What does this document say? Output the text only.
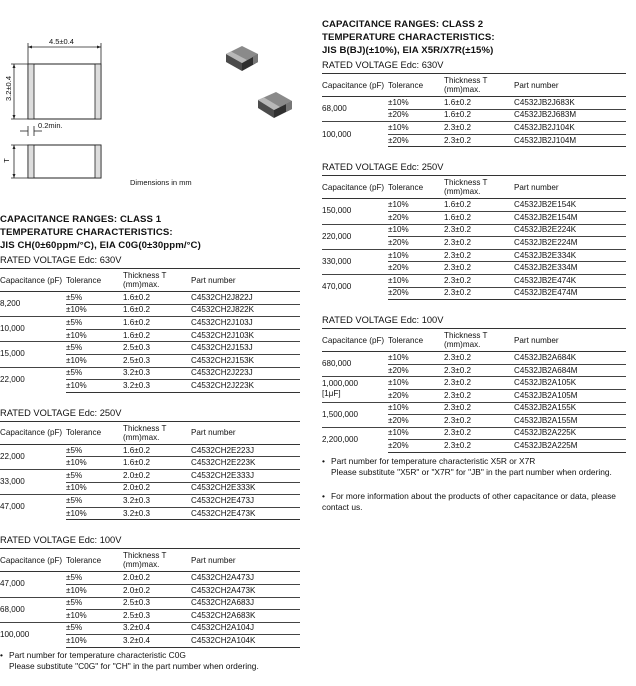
4.5±0.4
3.2±0.4
0.2min.
T
Dimensions in mm
CAPACITANCE RANGES: CLASS 1
TEMPERATURE CHARACTERISTICS:
JIS CH(0±60ppm/°C), EIA C0G(0±30ppm/°C)
RATED VOLTAGE Edc: 630V
Capacitance (pF)	Tolerance	Thickness T (mm)max.	Part number
8,200	±5%	1.6±0.2	C4532CH2J822J
	±10%	1.6±0.2	C4532CH2J822K
10,000	±5%	1.6±0.2	C4532CH2J103J
	±10%	1.6±0.2	C4532CH2J103K
15,000	±5%	2.5±0.3	C4532CH2J153J
	±10%	2.5±0.3	C4532CH2J153K
22,000	±5%	3.2±0.3	C4532CH2J223J
	±10%	3.2±0.3	C4532CH2J223K
RATED VOLTAGE Edc: 250V
Capacitance (pF)	Tolerance	Thickness T (mm)max.	Part number
22,000	±5%	1.6±0.2	C4532CH2E223J
	±10%	1.6±0.2	C4532CH2E223K
33,000	±5%	2.0±0.2	C4532CH2E333J
	±10%	2.0±0.2	C4532CH2E333K
47,000	±5%	3.2±0.3	C4532CH2E473J
	±10%	3.2±0.3	C4532CH2E473K
RATED VOLTAGE Edc: 100V
Capacitance (pF)	Tolerance	Thickness T (mm)max.	Part number
47,000	±5%	2.0±0.2	C4532CH2A473J
	±10%	2.0±0.2	C4532CH2A473K
68,000	±5%	2.5±0.3	C4532CH2A683J
	±10%	2.5±0.3	C4532CH2A683K
100,000	±5%	3.2±0.4	C4532CH2A104J
	±10%	3.2±0.4	C4532CH2A104K
• Part number for temperature characteristic C0G
Please substitute "C0G" for "CH" in the part number when ordering.
CAPACITANCE RANGES: CLASS 2
TEMPERATURE CHARACTERISTICS:
JIS B(BJ)(±10%), EIA X5R/X7R(±15%)
RATED VOLTAGE Edc: 630V
Capacitance (pF)	Tolerance	Thickness T (mm)max.	Part number
68,000	±10%	1.6±0.2	C4532JB2J683K
	±20%	1.6±0.2	C4532JB2J683M
100,000	±10%	2.3±0.2	C4532JB2J104K
	±20%	2.3±0.2	C4532JB2J104M
RATED VOLTAGE Edc: 250V
Capacitance (pF)	Tolerance	Thickness T (mm)max.	Part number
150,000	±10%	1.6±0.2	C4532JB2E154K
	±20%	1.6±0.2	C4532JB2E154M
220,000	±10%	2.3±0.2	C4532JB2E224K
	±20%	2.3±0.2	C4532JB2E224M
330,000	±10%	2.3±0.2	C4532JB2E334K
	±20%	2.3±0.2	C4532JB2E334M
470,000	±10%	2.3±0.2	C4532JB2E474K
	±20%	2.3±0.2	C4532JB2E474M
RATED VOLTAGE Edc: 100V
Capacitance (pF)	Tolerance	Thickness T (mm)max.	Part number
680,000	±10%	2.3±0.2	C4532JB2A684K
	±20%	2.3±0.2	C4532JB2A684M
1,000,000
[1μF]	±10%	2.3±0.2	C4532JB2A105K
	±20%	2.3±0.2	C4532JB2A105M
1,500,000	±10%	2.3±0.2	C4532JB2A155K
	±20%	2.3±0.2	C4532JB2A155M
2,200,000	±10%	2.3±0.2	C4532JB2A225K
	±20%	2.3±0.2	C4532JB2A225M
• Part number for temperature characteristic X5R or X7R
Please substitute "X5R" or "X7R" for "JB" in the part number when ordering.
• For more information about the products of other capacitance or data, please contact us.
